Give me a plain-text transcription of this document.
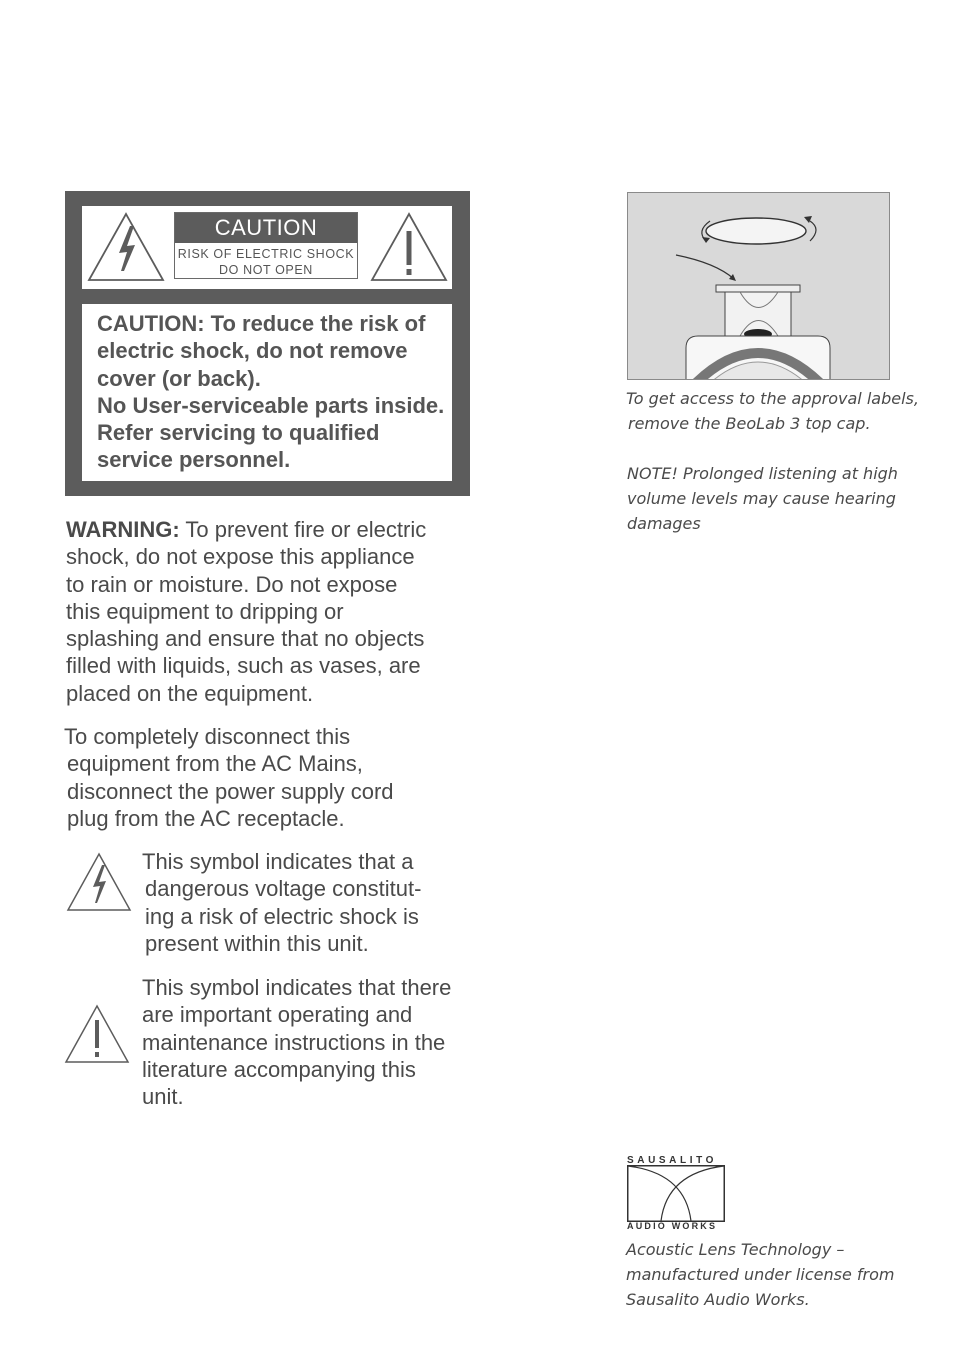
CAUTION
RISK OF ELECTRIC SHOCK
DO NOT OPEN
CAUTION: To reduce the risk of
electric shock, do not remove
cover (or back).
No User-serviceable parts inside.
Refer servicing to qualified
service personnel.
WARNING: To prevent fire or electric
shock, do not expose this appliance
to rain or moisture. Do not expose
this equipment to dripping or
splashing and ensure that no objects
filled with liquids, such as vases, are
placed on the equipment.
To completely disconnect this
equipment from the AC Mains,
disconnect the power supply cord
plug from the AC receptacle.
This symbol indicates that a
dangerous voltage constitut-
ing a risk of electric shock is
present within this unit.
This symbol indicates that there
are important operating and
maintenance instructions in the
literature accompanying this
unit.
To get access to the approval labels,
remove the BeoLab 3 top cap.
NOTE! Prolonged listening at high
volume levels may cause hearing
damages
SAUSALITO
AUDIO WORKS
Acoustic Lens Technology –
manufactured under license from
Sausalito Audio Works.
